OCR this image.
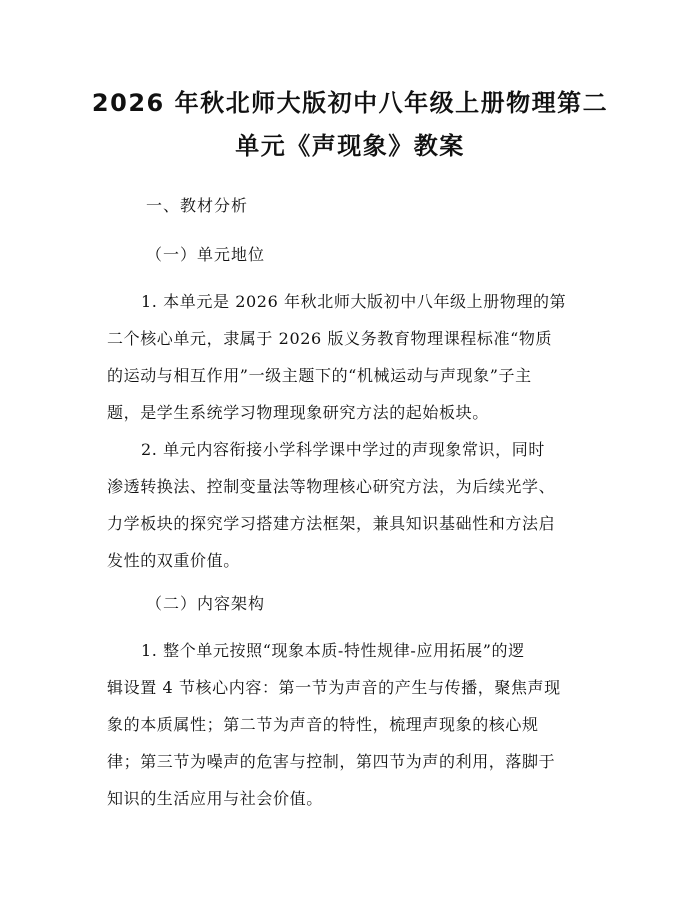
2026 年秋北师大版初中八年级上册物理第二
单元《声现象》教案

一、教材分析

（一）单元地位

1. 本单元是 2026 年秋北师大版初中八年级上册物理的第
二个核心单元，隶属于 2026 版义务教育物理课程标准“物质
的运动与相互作用”一级主题下的“机械运动与声现象”子主
题，是学生系统学习物理现象研究方法的起始板块。
2. 单元内容衔接小学科学课中学过的声现象常识，同时
渗透转换法、控制变量法等物理核心研究方法，为后续光学、
力学板块的探究学习搭建方法框架，兼具知识基础性和方法启
发性的双重价值。

（二）内容架构

1. 整个单元按照“现象本质-特性规律-应用拓展”的逻
辑设置 4 节核心内容：第一节为声音的产生与传播，聚焦声现
象的本质属性；第二节为声音的特性，梳理声现象的核心规
律；第三节为噪声的危害与控制，第四节为声的利用，落脚于
知识的生活应用与社会价值。
